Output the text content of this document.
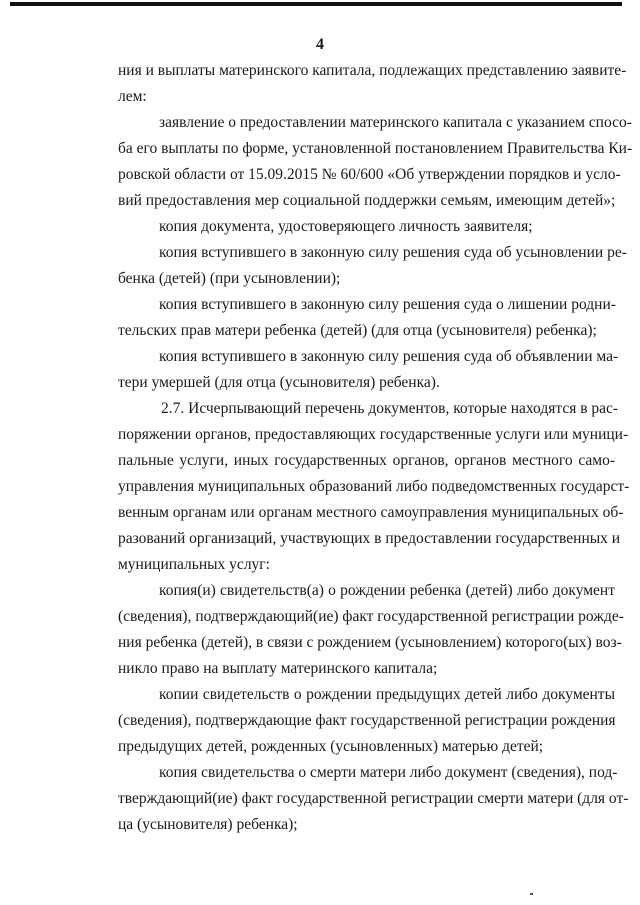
4
ния и выплаты материнского капитала, подлежащих представлению заявите-
лем:
заявление о предоставлении материнского капитала с указанием спосо-
ба его выплаты по форме, установленной постановлением Правительства Ки-
ровской области от 15.09.2015 № 60/600 «Об утверждении порядков и усло-
вий предоставления мер социальной поддержки семьям, имеющим детей»;
копия документа, удостоверяющего личность заявителя;
копия вступившего в законную силу решения суда об усыновлении ре-
бенка (детей) (при усыновлении);
копия вступившего в законную силу решения суда о лишении родни-
тельских прав матери ребенка (детей) (для отца (усыновителя) ребенка);
копия вступившего в законную силу решения суда об объявлении ма-
тери умершей (для отца (усыновителя) ребенка).
2.7. Исчерпывающий перечень документов, которые находятся в рас-
поряжении органов, предоставляющих государственные услуги или муници-
пальные услуги, иных государственных органов, органов местного само-
управления муниципальных образований либо подведомственных государст-
венным органам или органам местного самоуправления муниципальных об-
разований организаций, участвующих в предоставлении государственных и
муниципальных услуг:
копия(и) свидетельств(а) о рождении ребенка (детей) либо документ
(сведения), подтверждающий(ие) факт государственной регистрации рожде-
ния ребенка (детей), в связи с рождением (усыновлением) которого(ых) воз-
никло право на выплату материнского капитала;
копии свидетельств о рождении предыдущих детей либо документы
(сведения), подтверждающие факт государственной регистрации рождения
предыдущих детей, рожденных (усыновленных) матерью детей;
копия свидетельства о смерти матери либо документ (сведения), под-
тверждающий(ие) факт государственной регистрации смерти матери (для от-
ца (усыновителя) ребенка);
